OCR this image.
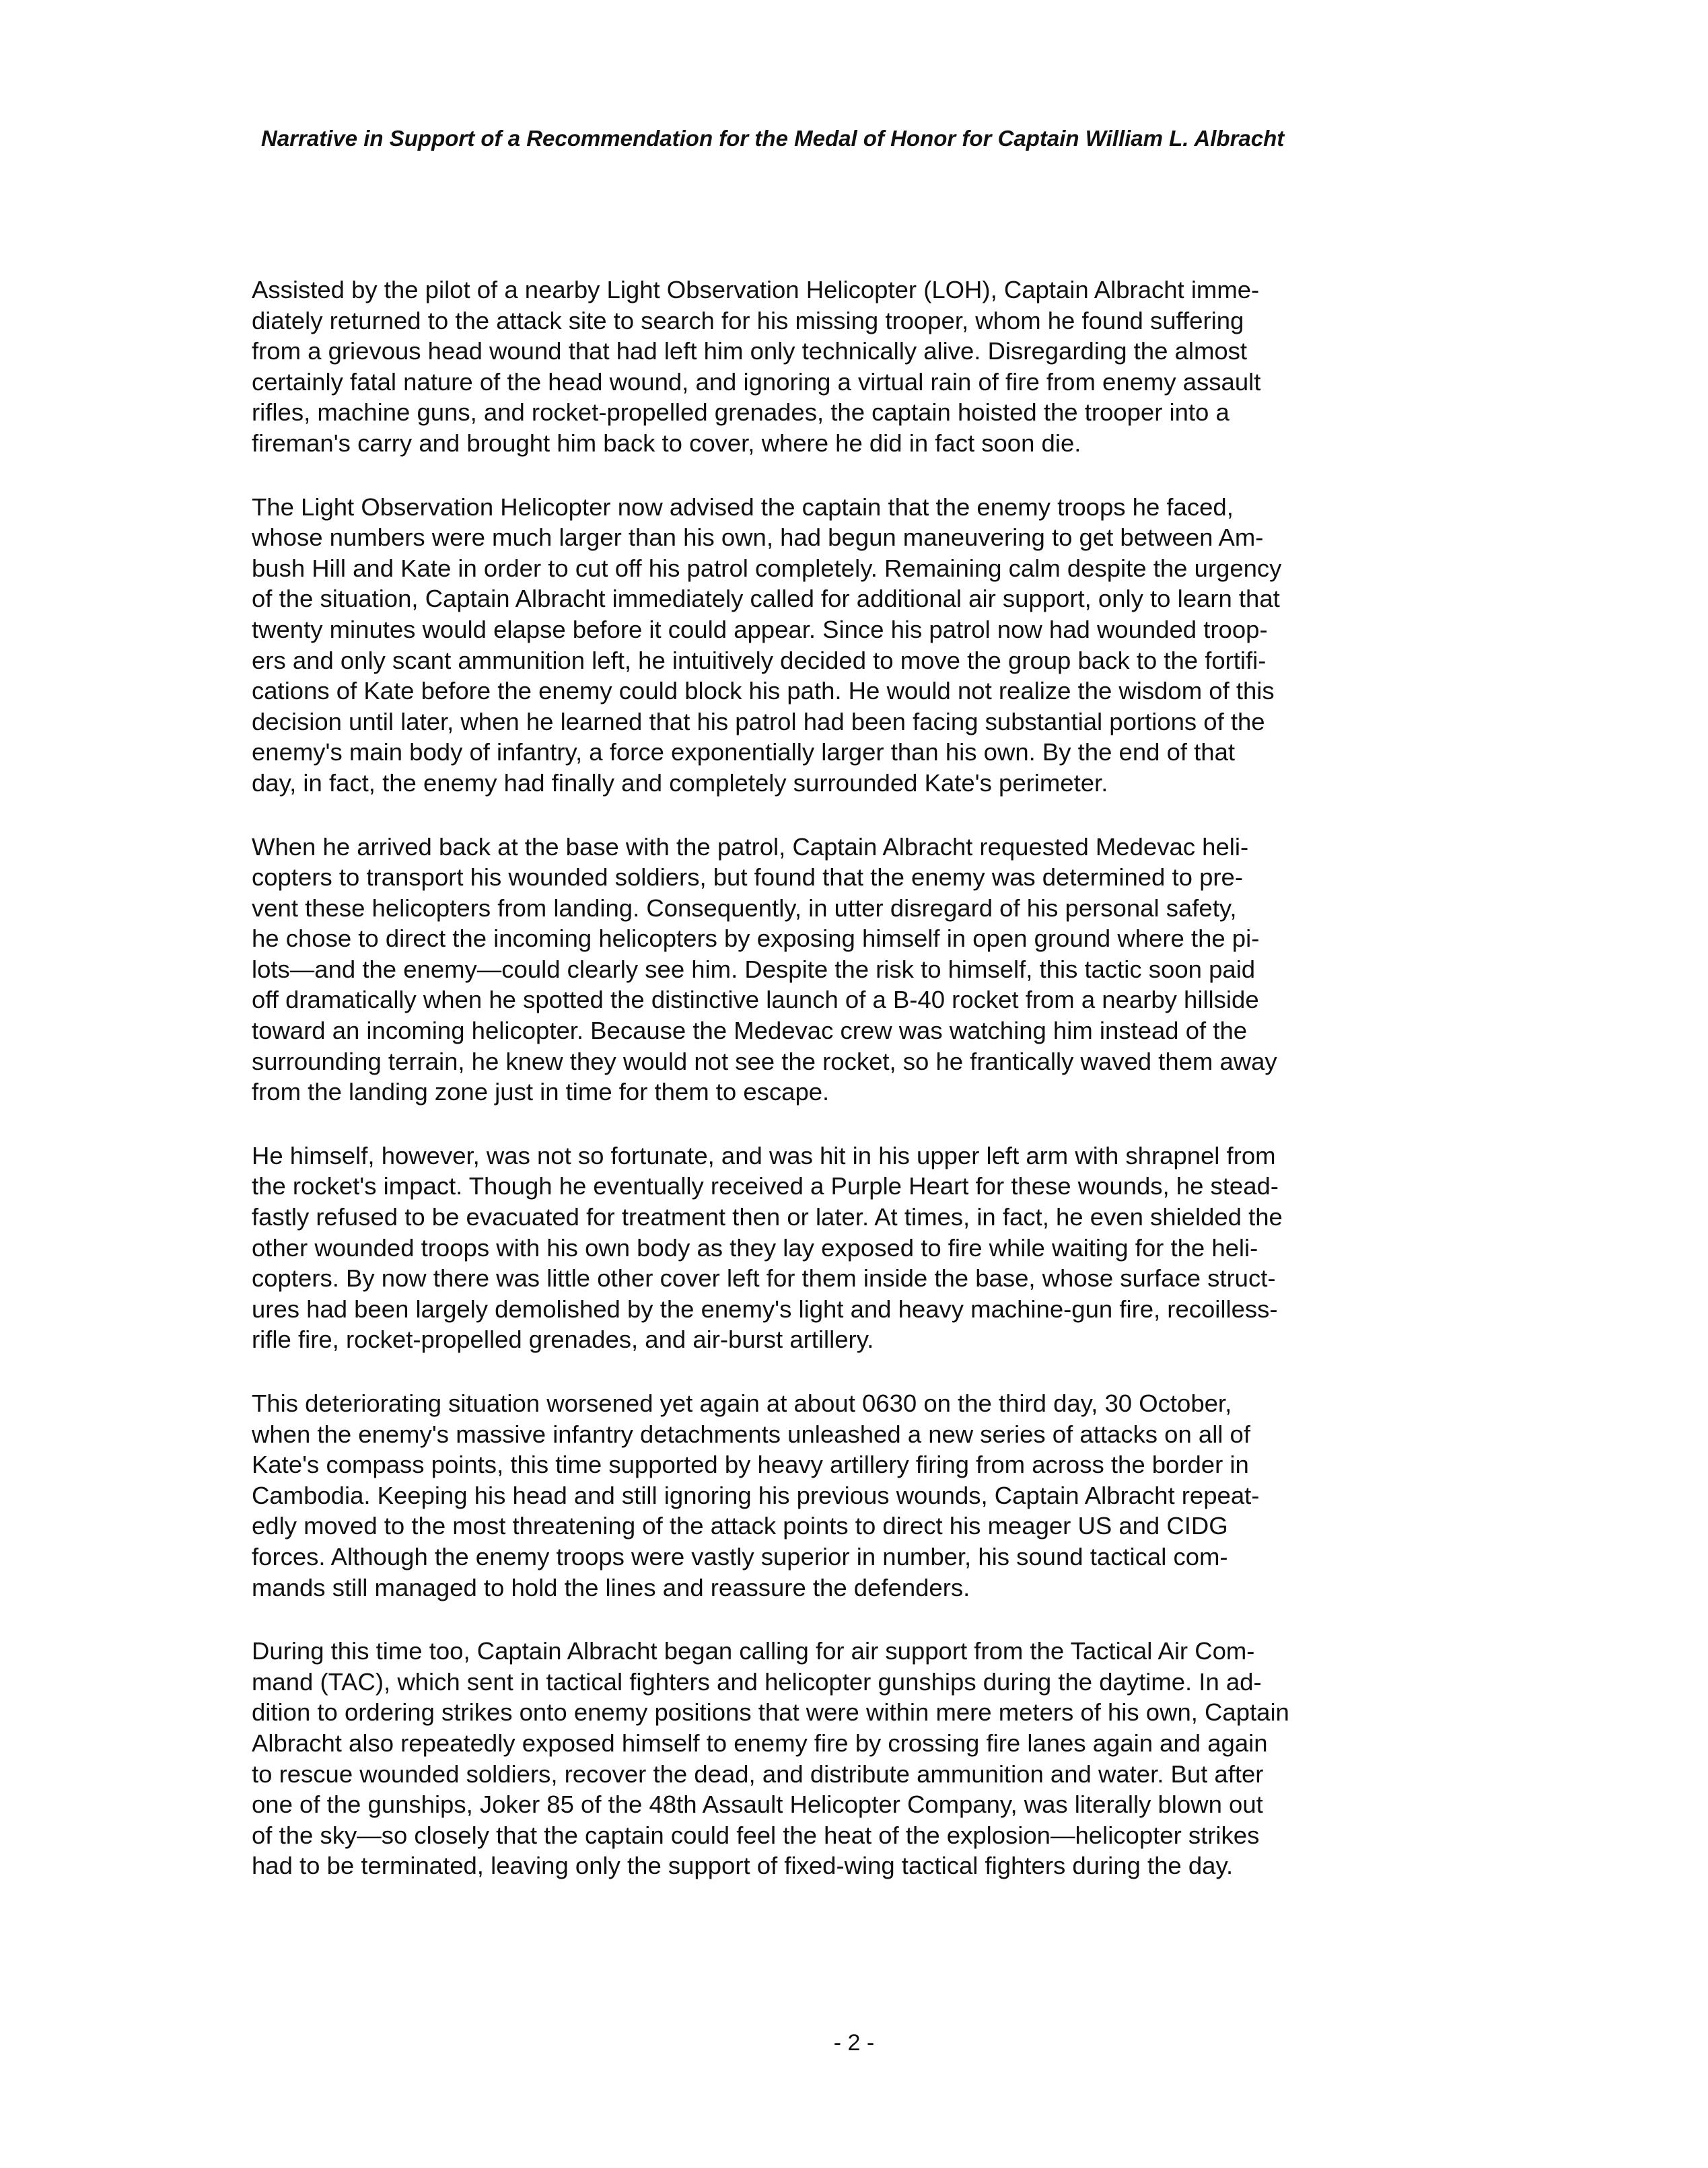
Narrative in Support of a Recommendation for the Medal of Honor for Captain William L. Albracht

Assisted by the pilot of a nearby Light Observation Helicopter (LOH), Captain Albracht imme-
diately returned to the attack site to search for his missing trooper, whom he found suffering
from a grievous head wound that had left him only technically alive. Disregarding the almost
certainly fatal nature of the head wound, and ignoring a virtual rain of fire from enemy assault
rifles, machine guns, and rocket-propelled grenades, the captain hoisted the trooper into a
fireman's carry and brought him back to cover, where he did in fact soon die.

The Light Observation Helicopter now advised the captain that the enemy troops he faced,
whose numbers were much larger than his own, had begun maneuvering to get between Am-
bush Hill and Kate in order to cut off his patrol completely. Remaining calm despite the urgency
of the situation, Captain Albracht immediately called for additional air support, only to learn that
twenty minutes would elapse before it could appear. Since his patrol now had wounded troop-
ers and only scant ammunition left, he intuitively decided to move the group back to the fortifi-
cations of Kate before the enemy could block his path. He would not realize the wisdom of this
decision until later, when he learned that his patrol had been facing substantial portions of the
enemy's main body of infantry, a force exponentially larger than his own. By the end of that
day, in fact, the enemy had finally and completely surrounded Kate's perimeter.

When he arrived back at the base with the patrol, Captain Albracht requested Medevac heli-
copters to transport his wounded soldiers, but found that the enemy was determined to pre-
vent these helicopters from landing. Consequently, in utter disregard of his personal safety,
he chose to direct the incoming helicopters by exposing himself in open ground where the pi-
lots—and the enemy—could clearly see him. Despite the risk to himself, this tactic soon paid
off dramatically when he spotted the distinctive launch of a B-40 rocket from a nearby hillside
toward an incoming helicopter. Because the Medevac crew was watching him instead of the
surrounding terrain, he knew they would not see the rocket, so he frantically waved them away
from the landing zone just in time for them to escape.

He himself, however, was not so fortunate, and was hit in his upper left arm with shrapnel from
the rocket's impact. Though he eventually received a Purple Heart for these wounds, he stead-
fastly refused to be evacuated for treatment then or later. At times, in fact, he even shielded the
other wounded troops with his own body as they lay exposed to fire while waiting for the heli-
copters. By now there was little other cover left for them inside the base, whose surface struct-
ures had been largely demolished by the enemy's light and heavy machine-gun fire, recoilless-
rifle fire, rocket-propelled grenades, and air-burst artillery.

This deteriorating situation worsened yet again at about 0630 on the third day, 30 October,
when the enemy's massive infantry detachments unleashed a new series of attacks on all of
Kate's compass points, this time supported by heavy artillery firing from across the border in
Cambodia. Keeping his head and still ignoring his previous wounds, Captain Albracht repeat-
edly moved to the most threatening of the attack points to direct his meager US and CIDG
forces. Although the enemy troops were vastly superior in number, his sound tactical com-
mands still managed to hold the lines and reassure the defenders.

During this time too, Captain Albracht began calling for air support from the Tactical Air Com-
mand (TAC), which sent in tactical fighters and helicopter gunships during the daytime. In ad-
dition to ordering strikes onto enemy positions that were within mere meters of his own, Captain
Albracht also repeatedly exposed himself to enemy fire by crossing fire lanes again and again
to rescue wounded soldiers, recover the dead, and distribute ammunition and water. But after
one of the gunships, Joker 85 of the 48th Assault Helicopter Company, was literally blown out
of the sky—so closely that the captain could feel the heat of the explosion—helicopter strikes
had to be terminated, leaving only the support of fixed-wing tactical fighters during the day.

- 2 -
